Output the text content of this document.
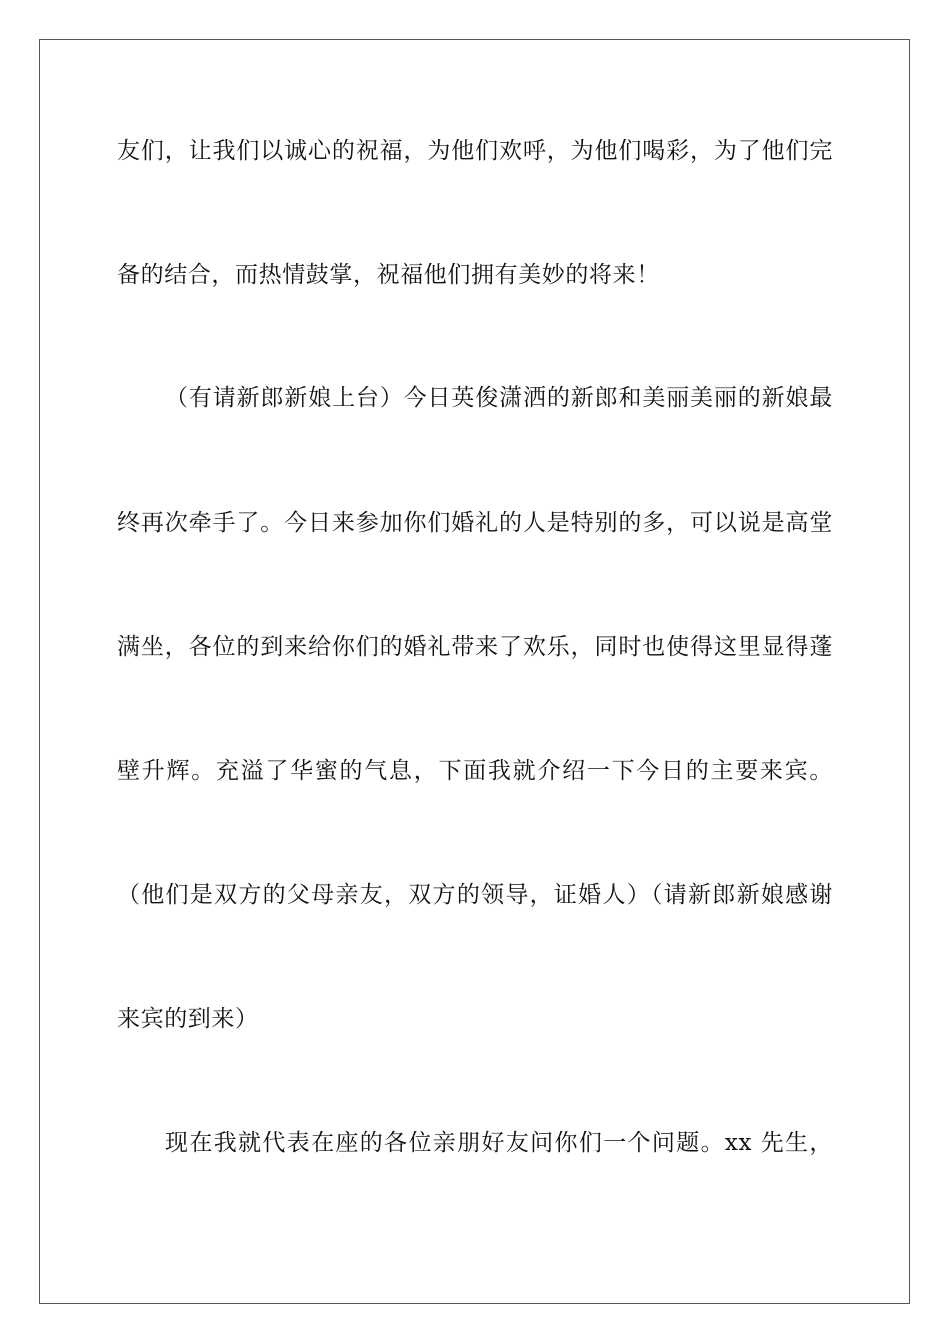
友们，让我们以诚心的祝福，为他们欢呼，为他们喝彩，为了他们完
备的结合，而热情鼓掌，祝福他们拥有美妙的将来！
（有请新郎新娘上台）今日英俊潇洒的新郎和美丽美丽的新娘最
终再次牵手了。今日来参加你们婚礼的人是特别的多，可以说是高堂
满坐，各位的到来给你们的婚礼带来了欢乐，同时也使得这里显得蓬
壁升辉。充溢了华蜜的气息，下面我就介绍一下今日的主要来宾。
（他们是双方的父母亲友，双方的领导，证婚人）（请新郎新娘感谢
来宾的到来）
现在我就代表在座的各位亲朋好友问你们一个问题。xx 先生，
